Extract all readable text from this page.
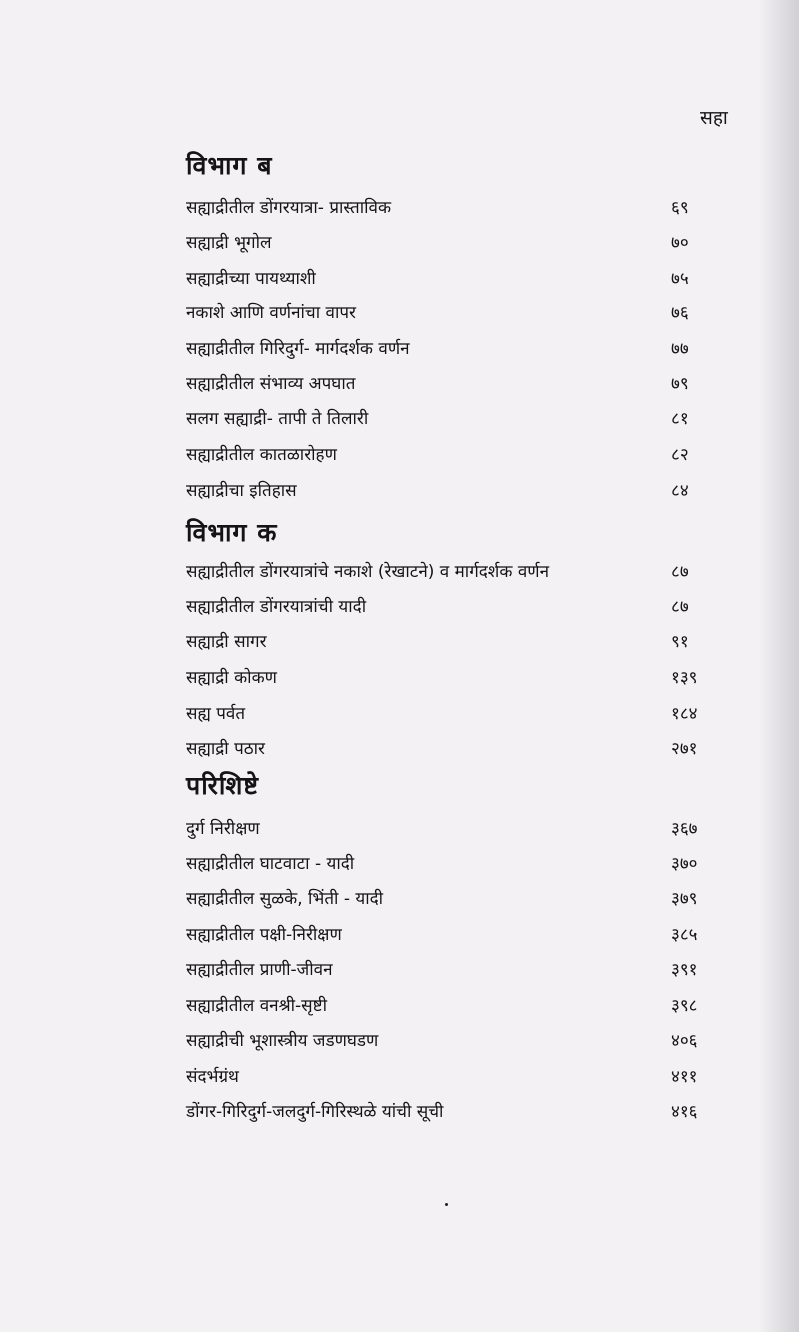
सहा
विभाग ब
सह्याद्रीतील डोंगरयात्रा- प्रास्ताविक	६९
सह्याद्री भूगोल	७०
सह्याद्रीच्या पायथ्याशी	७५
नकाशे आणि वर्णनांचा वापर	७६
सह्याद्रीतील गिरिदुर्ग- मार्गदर्शक वर्णन	७७
सह्याद्रीतील संभाव्य अपघात	७९
सलग सह्याद्री- तापी ते तिलारी	८१
सह्याद्रीतील कातळारोहण	८२
सह्याद्रीचा इतिहास	८४
विभाग क
सह्याद्रीतील डोंगरयात्रांचे नकाशे (रेखाटने) व मार्गदर्शक वर्णन	८७
सह्याद्रीतील डोंगरयात्रांची यादी	८७
सह्याद्री सागर	९१
सह्याद्री कोकण	१३९
सह्य पर्वत	१८४
सह्याद्री पठार	२७१
परिशिष्टे
दुर्ग निरीक्षण	३६७
सह्याद्रीतील घाटवाटा - यादी	३७०
सह्याद्रीतील सुळके, भिंती - यादी	३७९
सह्याद्रीतील पक्षी-निरीक्षण	३८५
सह्याद्रीतील प्राणी-जीवन	३९१
सह्याद्रीतील वनश्री-सृष्टी	३९८
सह्याद्रीची भूशास्त्रीय जडणघडण	४०६
संदर्भग्रंथ	४११
डोंगर-गिरिदुर्ग-जलदुर्ग-गिरिस्थळे यांची सूची	४१६
